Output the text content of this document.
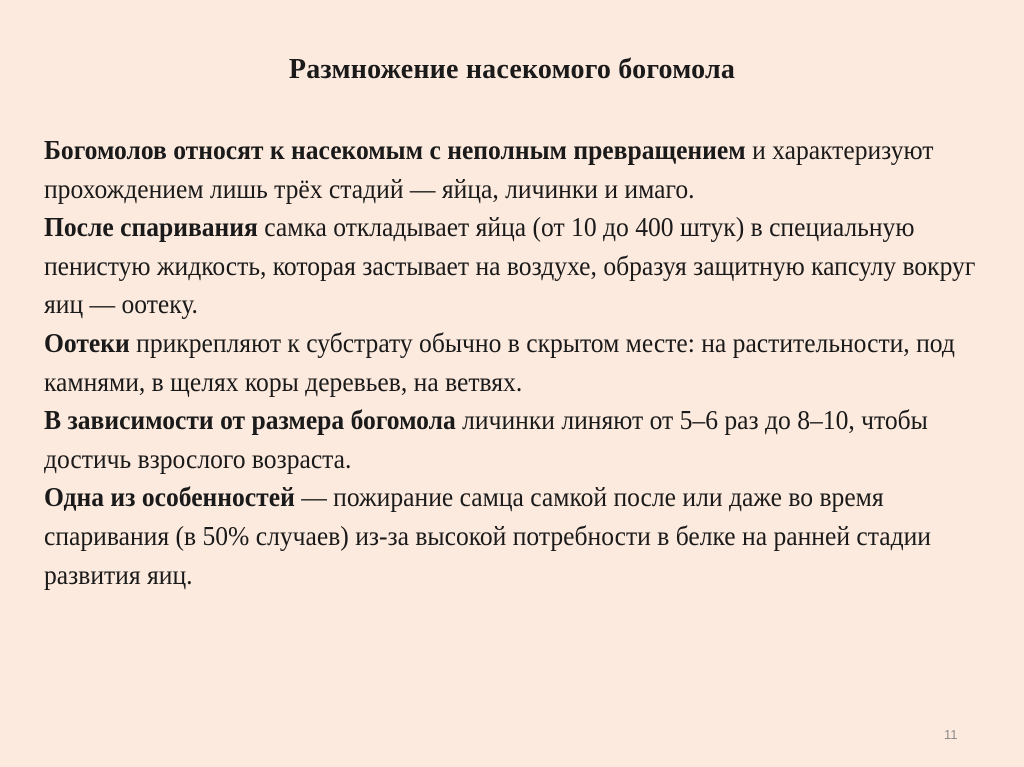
Размножение насекомого богомола

Богомолов относят к насекомым с неполным превращением и характеризуют прохождением лишь трёх стадий — яйца, личинки и имаго.

После спаривания самка откладывает яйца (от 10 до 400 штук) в специальную пенистую жидкость, которая застывает на воздухе, образуя защитную капсулу вокруг яиц — оотеку.

Оотеки прикрепляют к субстрату обычно в скрытом месте: на растительности, под камнями, в щелях коры деревьев, на ветвях.

В зависимости от размера богомола личинки линяют от 5–6 раз до 8–10, чтобы достичь взрослого возраста.

Одна из особенностей — пожирание самца самкой после или даже во время спаривания (в 50% случаев) из-за высокой потребности в белке на ранней стадии развития яиц.

11
